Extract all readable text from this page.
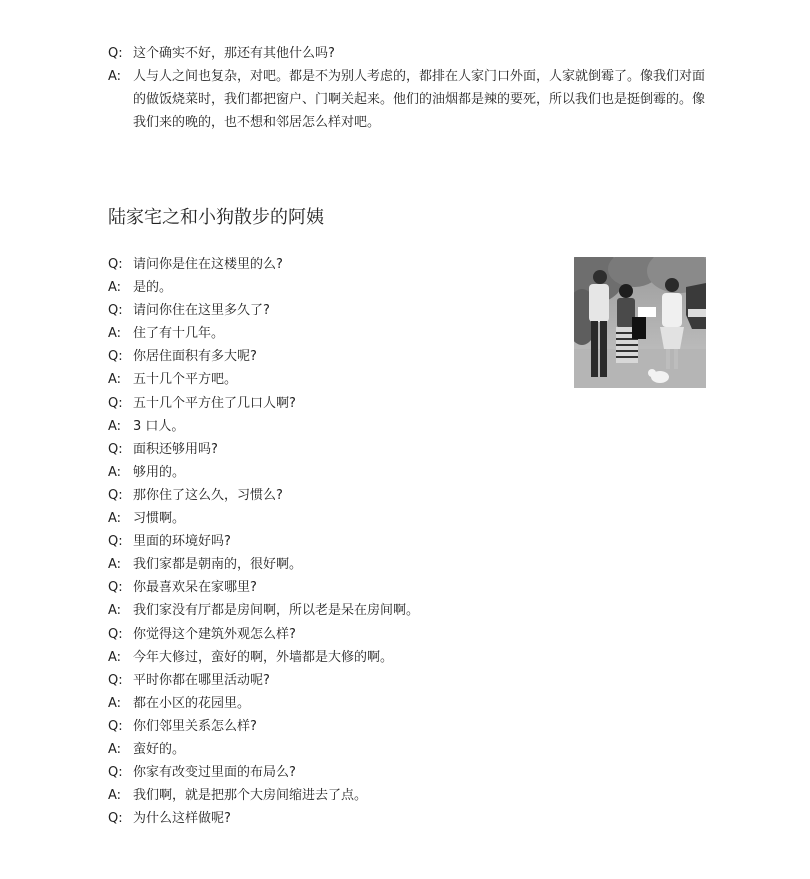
Q: 这个确实不好，那还有其他什么吗?
A: 人与人之间也复杂，对吧。都是不为别人考虑的，都排在人家门口外面，人家就倒霉了。像我们对面的做饭烧菜时，我们都把窗户、门啊关起来。他们的油烟都是辣的要死，所以我们也是挺倒霉的。像我们来的晚的，也不想和邻居怎么样对吧。
陆家宅之和小狗散步的阿姨
Q: 请问你是住在这楼里的么?
A: 是的。
Q: 请问你住在这里多久了?
A: 住了有十几年。
Q: 你居住面积有多大呢?
A: 五十几个平方吧。
Q: 五十几个平方住了几口人啊?
A: 3 口人。
Q: 面积还够用吗?
A: 够用的。
Q: 那你住了这么久，习惯么?
A: 习惯啊。
Q: 里面的环境好吗?
A: 我们家都是朝南的，很好啊。
Q: 你最喜欢呆在家哪里?
A: 我们家没有厅都是房间啊，所以老是呆在房间啊。
Q: 你觉得这个建筑外观怎么样?
A: 今年大修过，蛮好的啊，外墙都是大修的啊。
Q: 平时你都在哪里活动呢?
A: 都在小区的花园里。
Q: 你们邻里关系怎么样?
A: 蛮好的。
Q: 你家有改变过里面的布局么?
A: 我们啊，就是把那个大房间缩进去了点。
Q: 为什么这样做呢?
